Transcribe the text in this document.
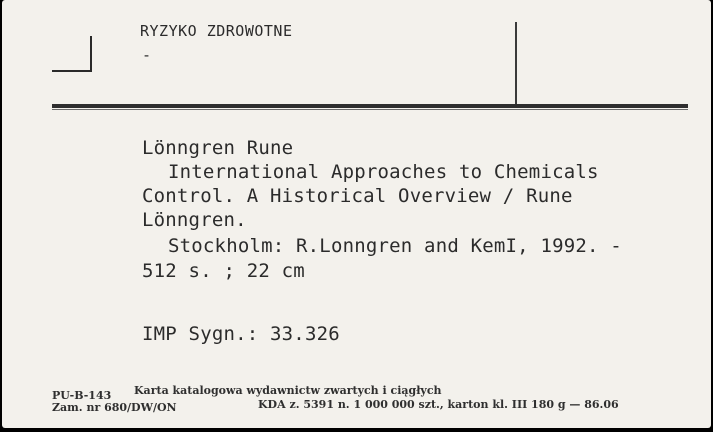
RYZYKO ZDROWOTNE
-
Lönngren Rune
International Approaches to Chemicals
Control. A Historical Overview / Rune
Lönngren.
Stockholm: R.Lonngren and KemI, 1992. -
512 s. ; 22 cm
IMP Sygn.: 33.326
PU-B-143 Karta katalogowa wydawnictw zwartych i ciągłych
Zam. nr 680/DW/ON	KDA z. 5391 n. 1 000 000 szt., karton kl. III 180 g — 86.06
